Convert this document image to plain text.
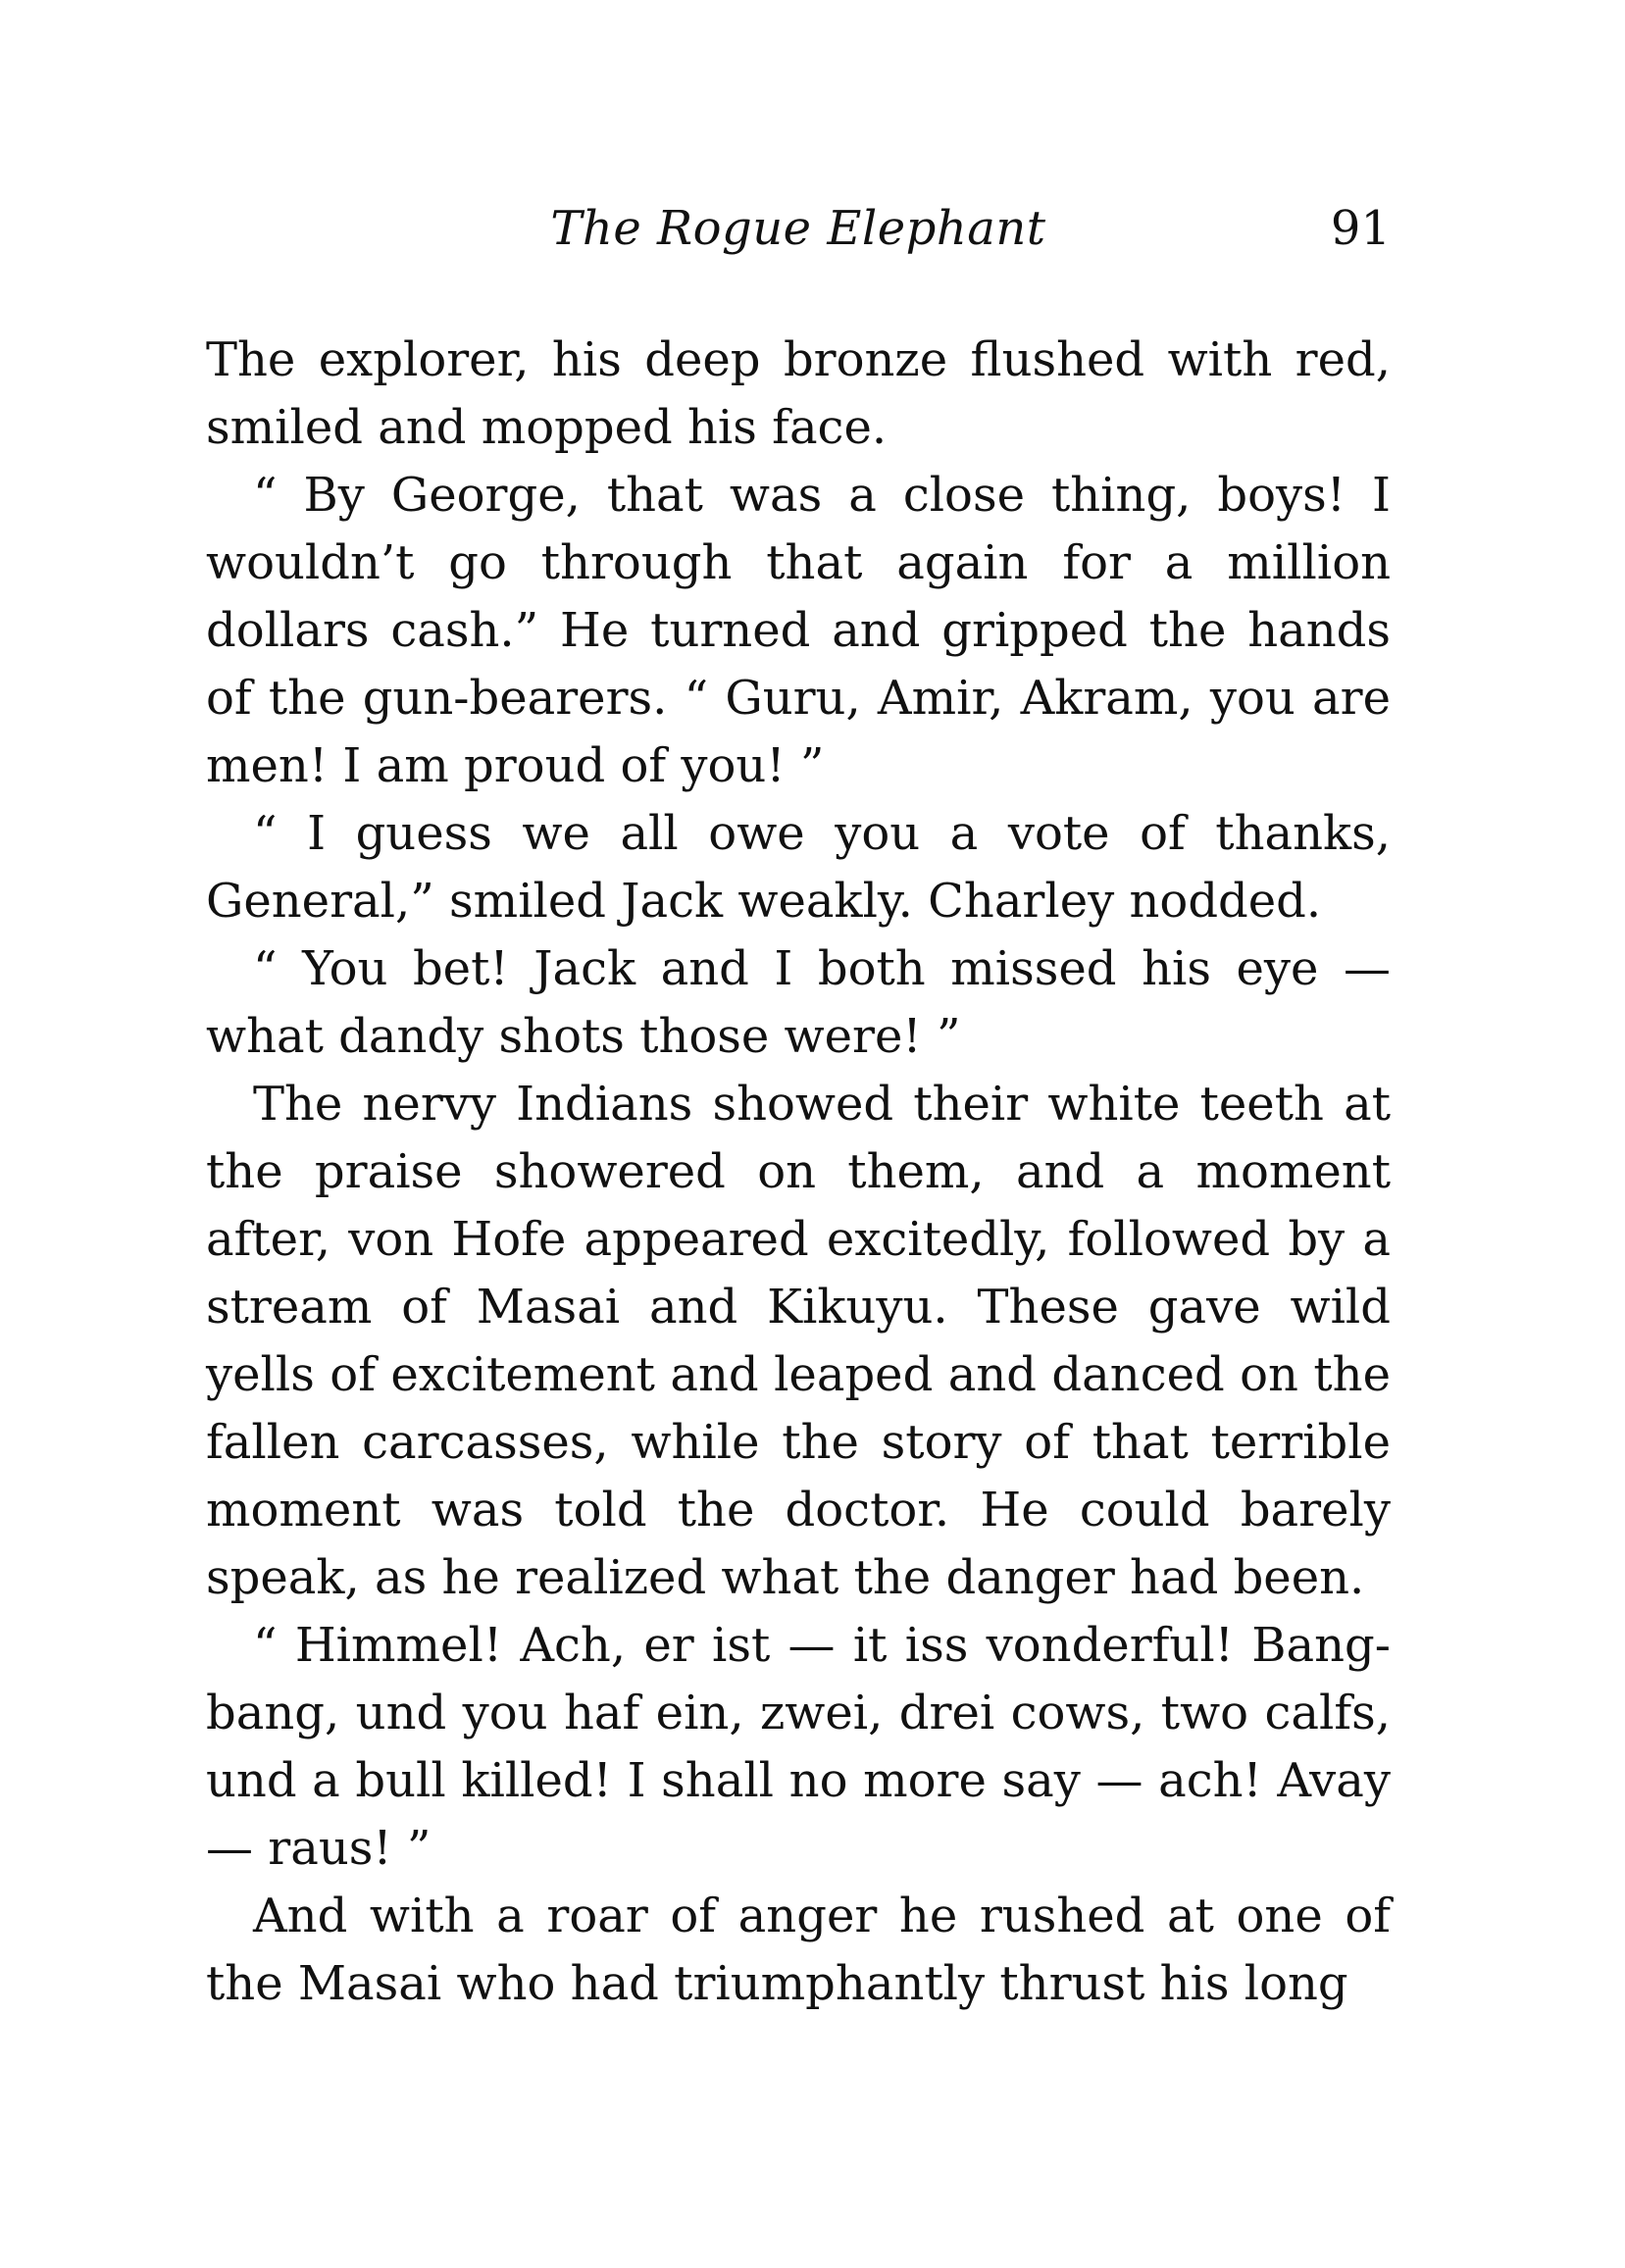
The Rogue Elephant	91

The explorer, his deep bronze flushed with red, smiled and mopped his face.

“ By George, that was a close thing, boys! I wouldn’t go through that again for a million dollars cash.” He turned and gripped the hands of the gun-bearers. “ Guru, Amir, Akram, you are men! I am proud of you! ”

“ I guess we all owe you a vote of thanks, General,” smiled Jack weakly. Charley nodded.

“ You bet! Jack and I both missed his eye — what dandy shots those were! ”

The nervy Indians showed their white teeth at the praise showered on them, and a moment after, von Hofe appeared excitedly, followed by a stream of Masai and Kikuyu. These gave wild yells of excitement and leaped and danced on the fallen carcasses, while the story of that terrible moment was told the doctor. He could barely speak, as he realized what the danger had been.

“ Himmel! Ach, er ist — it iss vonderful! Bang-bang, und you haf ein, zwei, drei cows, two calfs, und a bull killed! I shall no more say — ach! Avay — raus! ”

And with a roar of anger he rushed at one of the Masai who had triumphantly thrust his long
